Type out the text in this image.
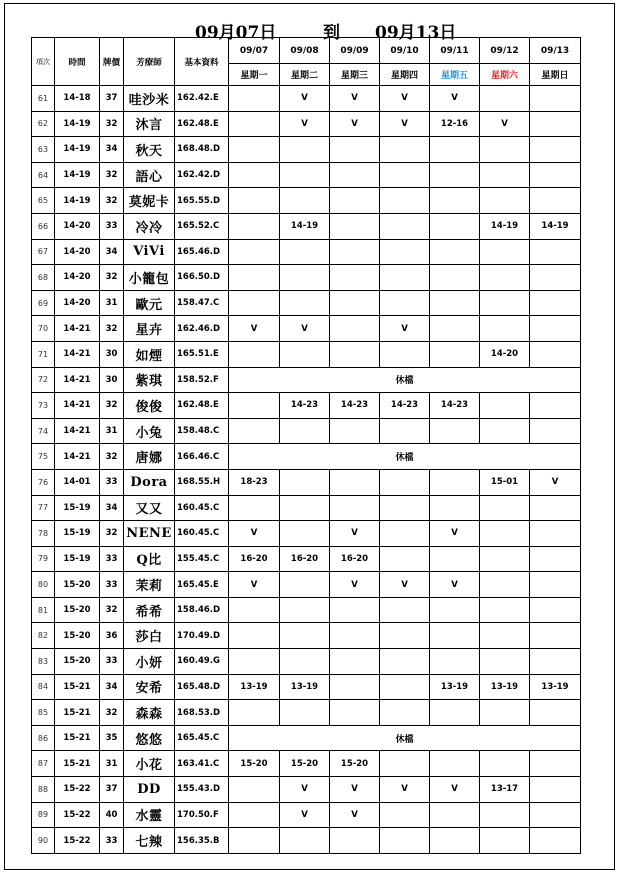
09月07日	到 09月13日
項次	時間	牌價	芳療師	基本資料	09/07	09/08	09/09	09/10	09/11	09/12	09/13
					星期一	星期二	星期三	星期四	星期五	星期六	星期日
61	14-18	37	哇沙米	162.42.E		V	V	V	V		
62	14-19	32	沐言	162.48.E		V	V	V	12-16	V	
63	14-19	34	秋天	168.48.D							
64	14-19	32	語心	162.42.D							
65	14-19	32	莫妮卡	165.55.D							
66	14-20	33	冷冷	165.52.C		14-19				14-19	14-19
67	14-20	34	ViVi	165.46.D							
68	14-20	32	小籠包	166.50.D							
69	14-20	31	歐元	158.47.C							
70	14-21	32	星卉	162.46.D	V	V		V			
71	14-21	30	如煙	165.51.E						14-20	
72	14-21	30	紫琪	158.52.F	休檔						
73	14-21	32	俊俊	162.48.E		14-23	14-23	14-23	14-23		
74	14-21	31	小兔	158.48.C							
75	14-21	32	唐娜	166.46.C	休檔						
76	14-01	33	Dora	168.55.H	18-23					15-01	V
77	15-19	34	又又	160.45.C							
78	15-19	32	NENE	160.45.C	V		V		V		
79	15-19	33	Q比	155.45.C	16-20	16-20	16-20				
80	15-20	33	茉莉	165.45.E	V		V	V	V		
81	15-20	32	希希	158.46.D							
82	15-20	36	莎白	170.49.D							
83	15-20	33	小妍	160.49.G							
84	15-21	34	安希	165.48.D	13-19	13-19			13-19	13-19	13-19
85	15-21	32	森森	168.53.D							
86	15-21	35	悠悠	165.45.C	休檔						
87	15-21	31	小花	163.41.C	15-20	15-20	15-20				
88	15-22	37	DD	155.43.D		V	V	V	V	13-17	
89	15-22	40	水靈	170.50.F		V	V				
90	15-22	33	七辣	156.35.B							
